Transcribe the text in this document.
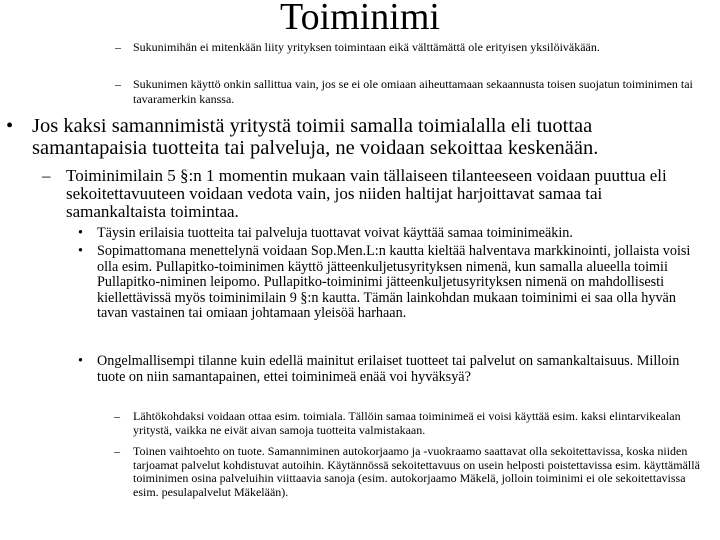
Toiminimi
– Sukunimihän ei mitenkään liity yrityksen toimintaan eikä välttämättä ole erityisen yksilöiväkään.

– Sukunimen käyttö onkin sallittua vain, jos se ei ole omiaan aiheuttamaan sekaannusta toisen suojatun toiminimen tai tavaramerkin kanssa.

• Jos kaksi samannimistä yritystä toimii samalla toimialalla eli tuottaa samantapaisia tuotteita tai palveluja, ne voidaan sekoittaa keskenään.

– Toiminimilain 5 §:n 1 momentin mukaan vain tällaiseen tilanteeseen voidaan puuttua eli sekoitettavuuteen voidaan vedota vain, jos niiden haltijat harjoittavat samaa tai samankaltaista toimintaa.

• Täysin erilaisia tuotteita tai palveluja tuottavat voivat käyttää samaa toiminimeäkin.

• Sopimattomana menettelynä voidaan Sop.Men.L:n kautta kieltää halventava markkinointi, jollaista voisi olla esim. Pullapitko-toiminimen käyttö jätteenkuljetusyrityksen nimenä, kun samalla alueella toimii Pullapitko-niminen leipomo. Pullapitko-toiminimi jätteenkuljetusyrityksen nimenä on mahdollisesti kiellettävissä myös toiminimilain 9 §:n kautta. Tämän lainkohdan mukaan toiminimi ei saa olla hyvän tavan vastainen tai omiaan johtamaan yleisöä harhaan.

• Ongelmallisempi tilanne kuin edellä mainitut erilaiset tuotteet tai palvelut on samankaltaisuus. Milloin tuote on niin samantapainen, ettei toiminimeä enää voi hyväksyä?

– Lähtökohdaksi voidaan ottaa esim. toimiala. Tällöin samaa toiminimeä ei voisi käyttää esim. kaksi elintarvikealan yritystä, vaikka ne eivät aivan samoja tuotteita valmistakaan.

– Toinen vaihtoehto on tuote. Samanniminen autokorjaamo ja -vuokraamo saattavat olla sekoitettavissa, koska niiden tarjoamat palvelut kohdistuvat autoihin. Käytännössä sekoitettavuus on usein helposti poistettavissa esim. käyttämällä toiminimen osina palveluihin viittaavia sanoja (esim. autokorjaamo Mäkelä, jolloin toiminimi ei ole sekoitettavissa esim. pesulapalvelut Mäkelään).
